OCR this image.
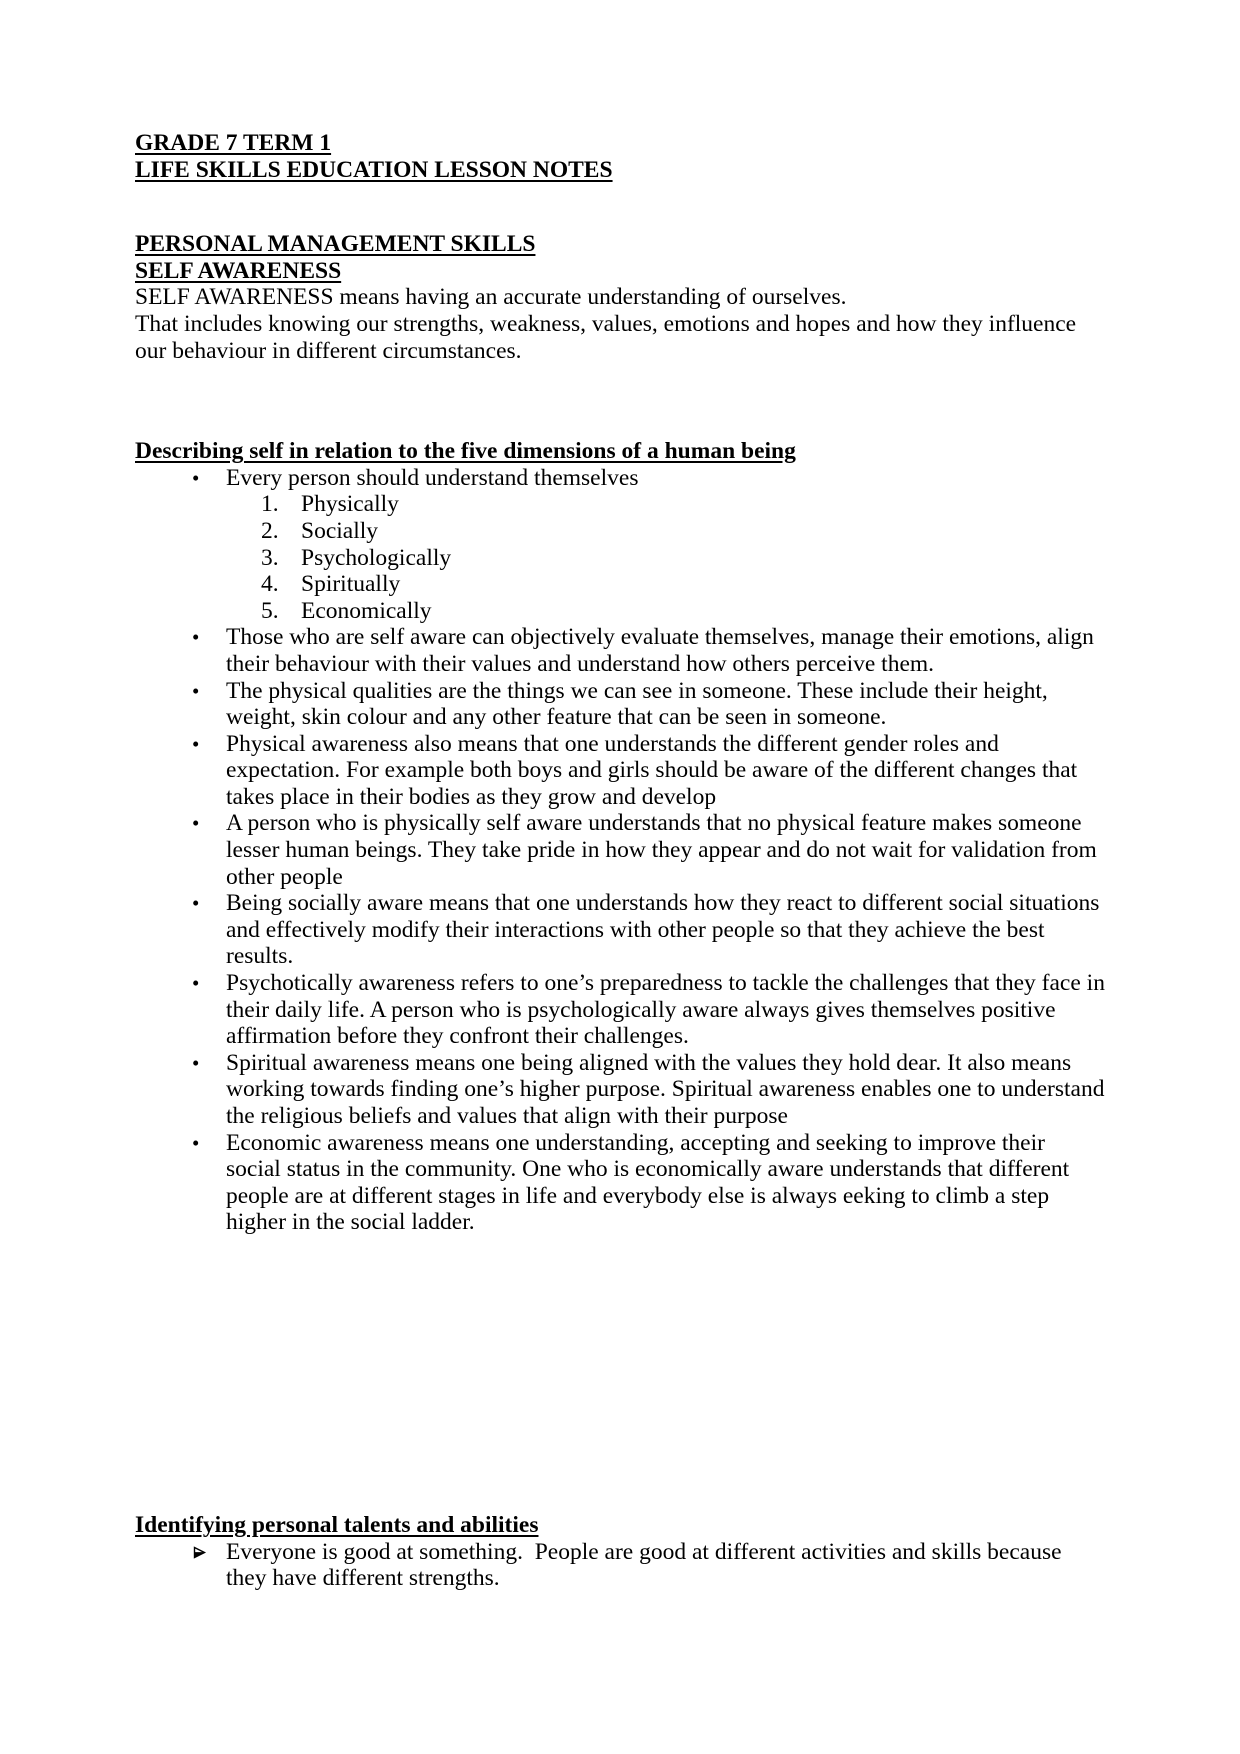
GRADE 7 TERM 1
LIFE SKILLS EDUCATION LESSON NOTES
PERSONAL MANAGEMENT SKILLS
SELF AWARENESS

SELF AWARENESS means having an accurate understanding of ourselves.

That includes knowing our strengths, weakness, values, emotions and hopes and how they influence our behaviour in different circumstances.

Describing self in relation to the five dimensions of a human being
•	Every person should understand themselves
1. Physically
2. Socially
3. Psychologically
4. Spiritually
5. Economically
•	Those who are self aware can objectively evaluate themselves, manage their emotions, align their behaviour with their values and understand how others perceive them.
•	The physical qualities are the things we can see in someone. These include their height, weight, skin colour and any other feature that can be seen in someone.
•	Physical awareness also means that one understands the different gender roles and expectation. For example both boys and girls should be aware of the different changes that takes place in their bodies as they grow and develop
•	A person who is physically self aware understands that no physical feature makes someone lesser human beings. They take pride in how they appear and do not wait for validation from other people
•	Being socially aware means that one understands how they react to different social situations and effectively modify their interactions with other people so that they achieve the best results.
•	Psychotically awareness refers to one’s preparedness to tackle the challenges that they face in their daily life. A person who is psychologically aware always gives themselves positive affirmation before they confront their challenges.
•	Spiritual awareness means one being aligned with the values they hold dear. It also means working towards finding one’s higher purpose. Spiritual awareness enables one to understand the religious beliefs and values that align with their purpose
•	Economic awareness means one understanding, accepting and seeking to improve their social status in the community. One who is economically aware understands that different people are at different stages in life and everybody else is always eeking to climb a step higher in the social ladder.
Identifying personal talents and abilities
Everyone is good at something.  People are good at different activities and skills because they have different strengths.
